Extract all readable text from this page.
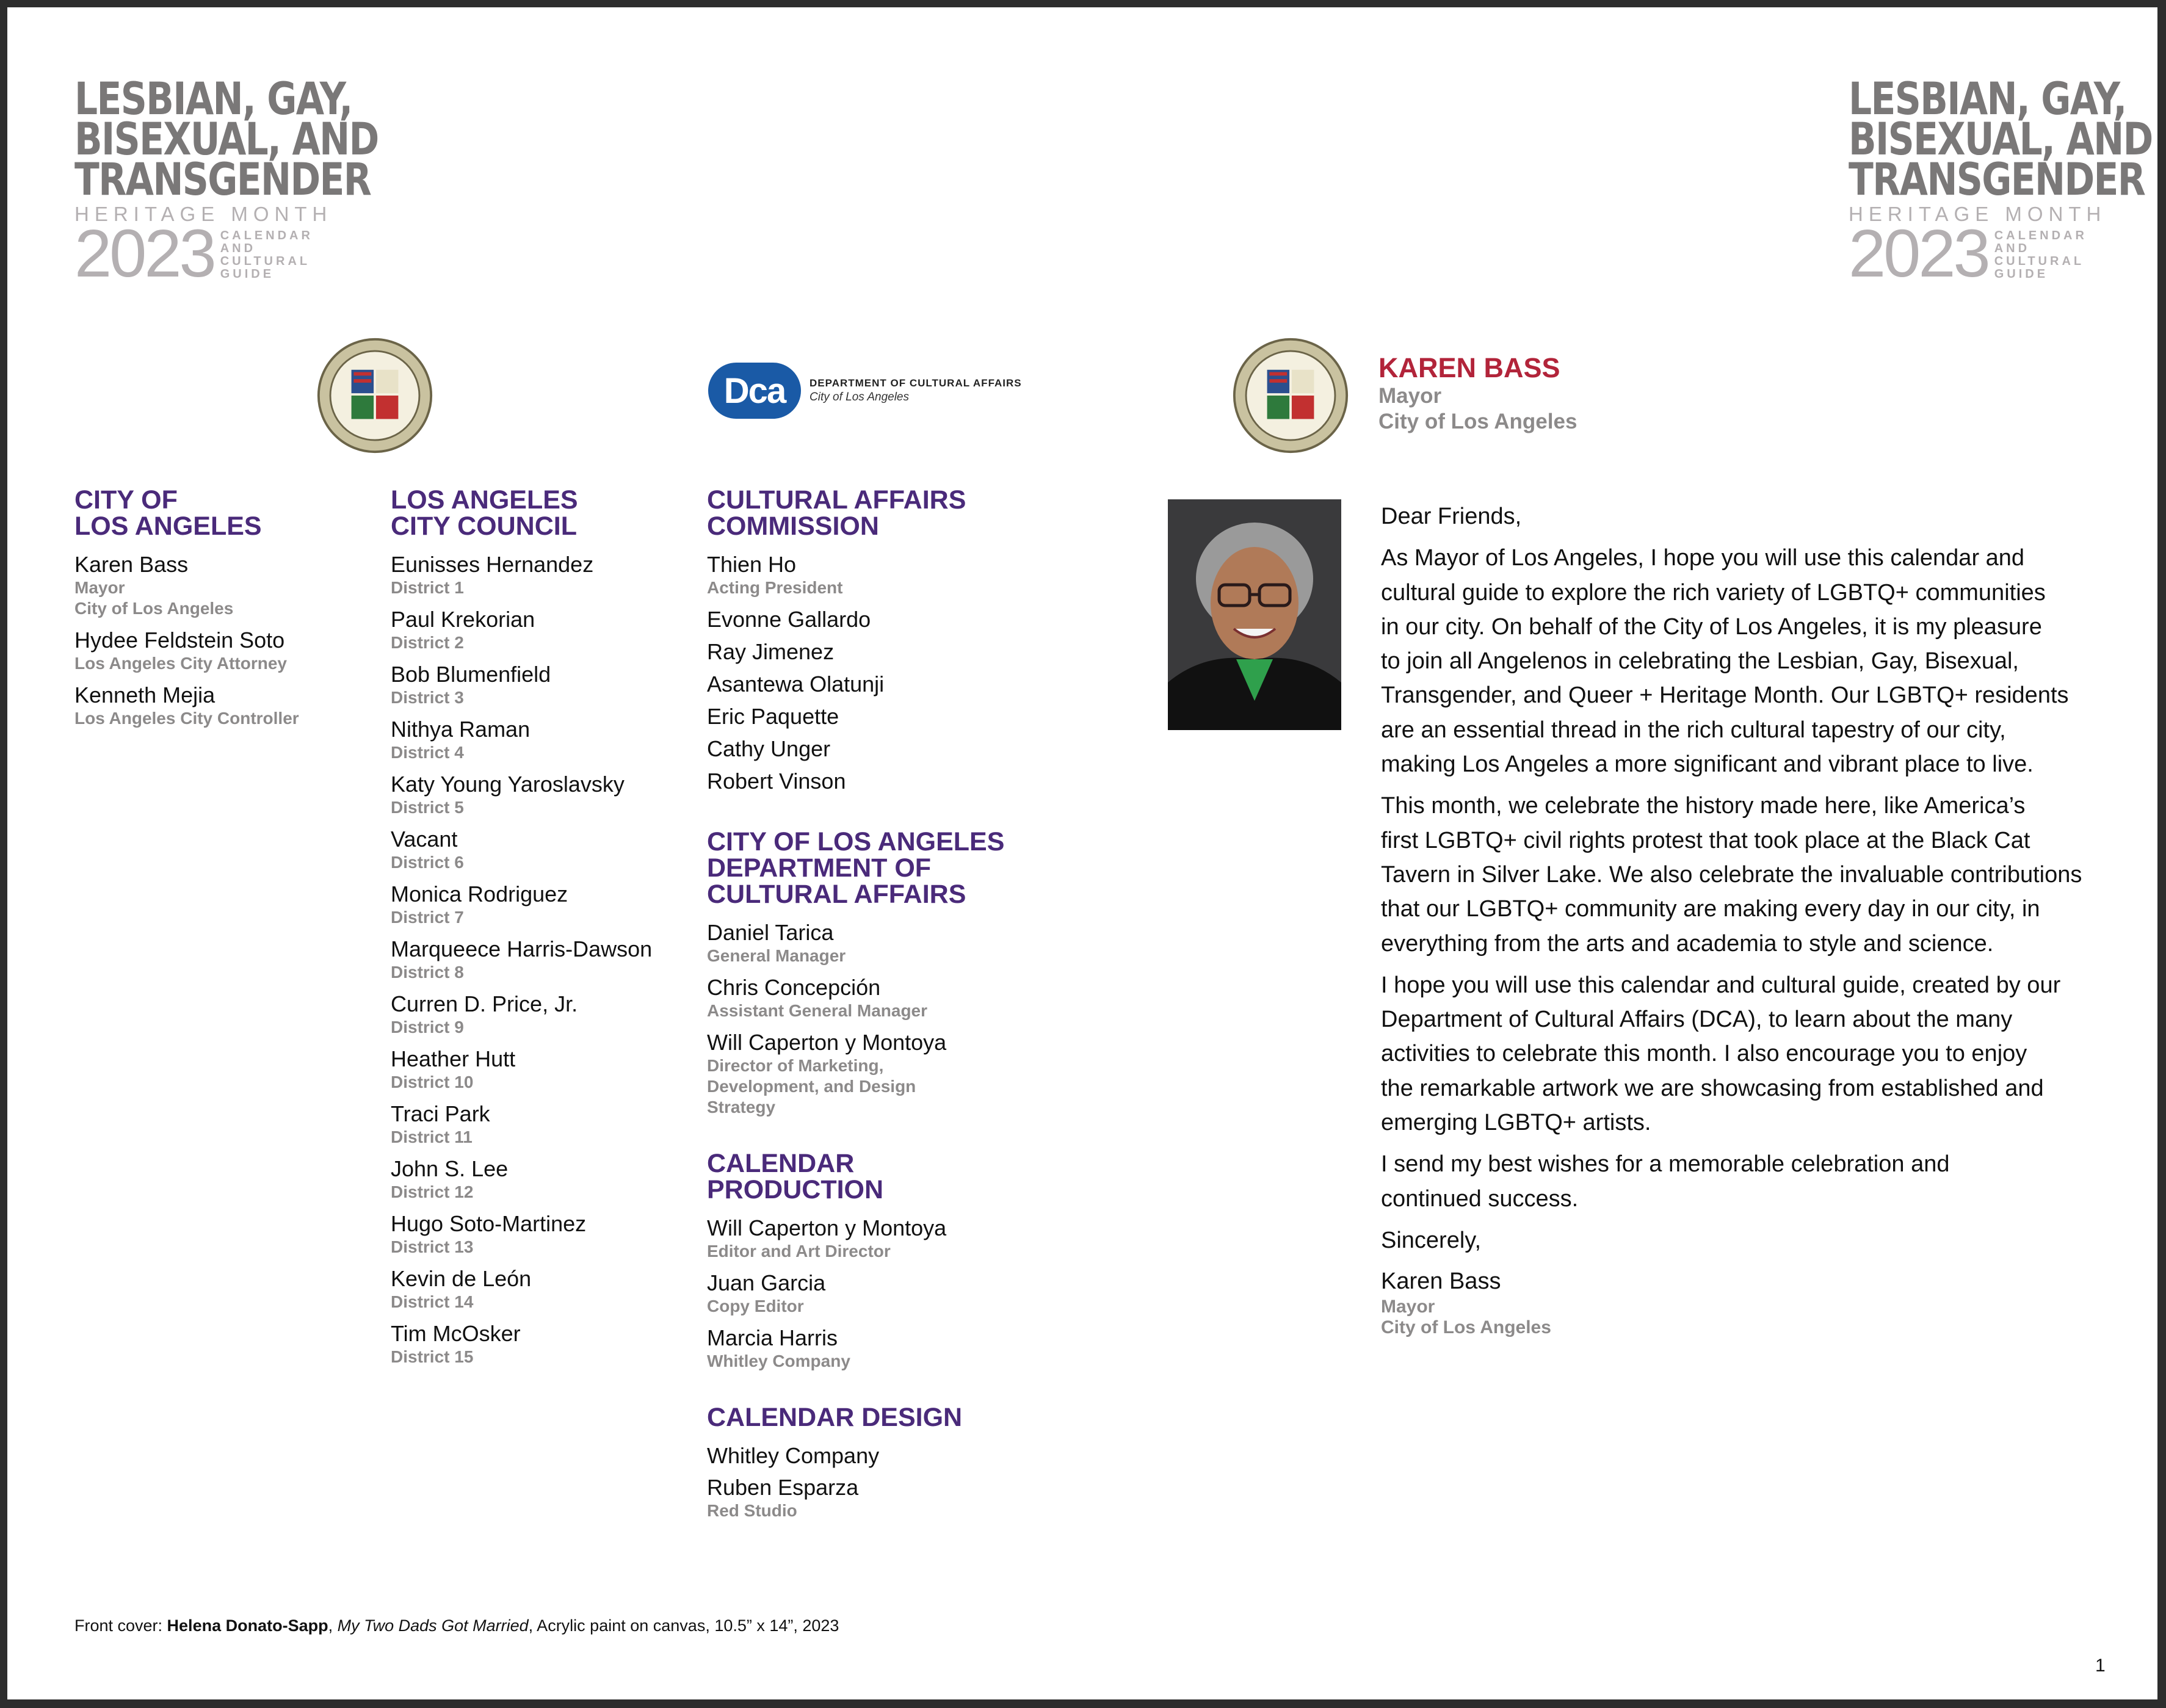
LESBIAN, GAY,
BISEXUAL, AND
TRANSGENDER
HERITAGE MONTH
2023 CALENDAR
AND
CULTURAL
GUIDE
LESBIAN, GAY,
BISEXUAL, AND
TRANSGENDER
HERITAGE MONTH
2023 CALENDAR
AND
CULTURAL
GUIDE
Dca	DEPARTMENT OF CULTURAL AFFAIRS
City of Los Angeles
CITY OF
LOS ANGELES
Karen Bass
Mayor
City of Los Angeles
Hydee Feldstein Soto
Los Angeles City Attorney
Kenneth Mejia
Los Angeles City Controller
LOS ANGELES
CITY COUNCIL
Eunisses Hernandez
District 1
Paul Krekorian
District 2
Bob Blumenfield
District 3
Nithya Raman
District 4
Katy Young Yaroslavsky
District 5
Vacant
District 6
Monica Rodriguez
District 7
Marqueece Harris-Dawson
District 8
Curren D. Price, Jr.
District 9
Heather Hutt
District 10
Traci Park
District 11
John S. Lee
District 12
Hugo Soto-Martinez
District 13
Kevin de León
District 14
Tim McOsker
District 15
CULTURAL AFFAIRS
COMMISSION
Thien Ho
Acting President
Evonne Gallardo
Ray Jimenez
Asantewa Olatunji
Eric Paquette
Cathy Unger
Robert Vinson
CITY OF LOS ANGELES
DEPARTMENT OF
CULTURAL AFFAIRS
Daniel Tarica
General Manager
Chris Concepción
Assistant General Manager
Will Caperton y Montoya
Director of Marketing,
Development, and Design
Strategy
CALENDAR
PRODUCTION
Will Caperton y Montoya
Editor and Art Director
Juan Garcia
Copy Editor
Marcia Harris
Whitley Company
CALENDAR DESIGN
Whitley Company
Ruben Esparza
Red Studio
KAREN BASS
Mayor
City of Los Angeles

Dear Friends,

As Mayor of Los Angeles, I hope you will use this calendar and
cultural guide to explore the rich variety of LGBTQ+ communities
in our city. On behalf of the City of Los Angeles, it is my pleasure
to join all Angelenos in celebrating the Lesbian, Gay, Bisexual,
Transgender, and Queer + Heritage Month. Our LGBTQ+ residents
are an essential thread in the rich cultural tapestry of our city,
making Los Angeles a more significant and vibrant place to live.

This month, we celebrate the history made here, like America’s
first LGBTQ+ civil rights protest that took place at the Black Cat
Tavern in Silver Lake. We also celebrate the invaluable contributions
that our LGBTQ+ community are making every day in our city, in
everything from the arts and academia to style and science.

I hope you will use this calendar and cultural guide, created by our
Department of Cultural Affairs (DCA), to learn about the many
activities to celebrate this month. I also encourage you to enjoy
the remarkable artwork we are showcasing from established and
emerging LGBTQ+ artists.

I send my best wishes for a memorable celebration and
continued success.

Sincerely,

Karen Bass
Mayor
City of Los Angeles
Front cover: Helena Donato-Sapp, My Two Dads Got Married, Acrylic paint on canvas, 10.5” x 14”, 2023
1
